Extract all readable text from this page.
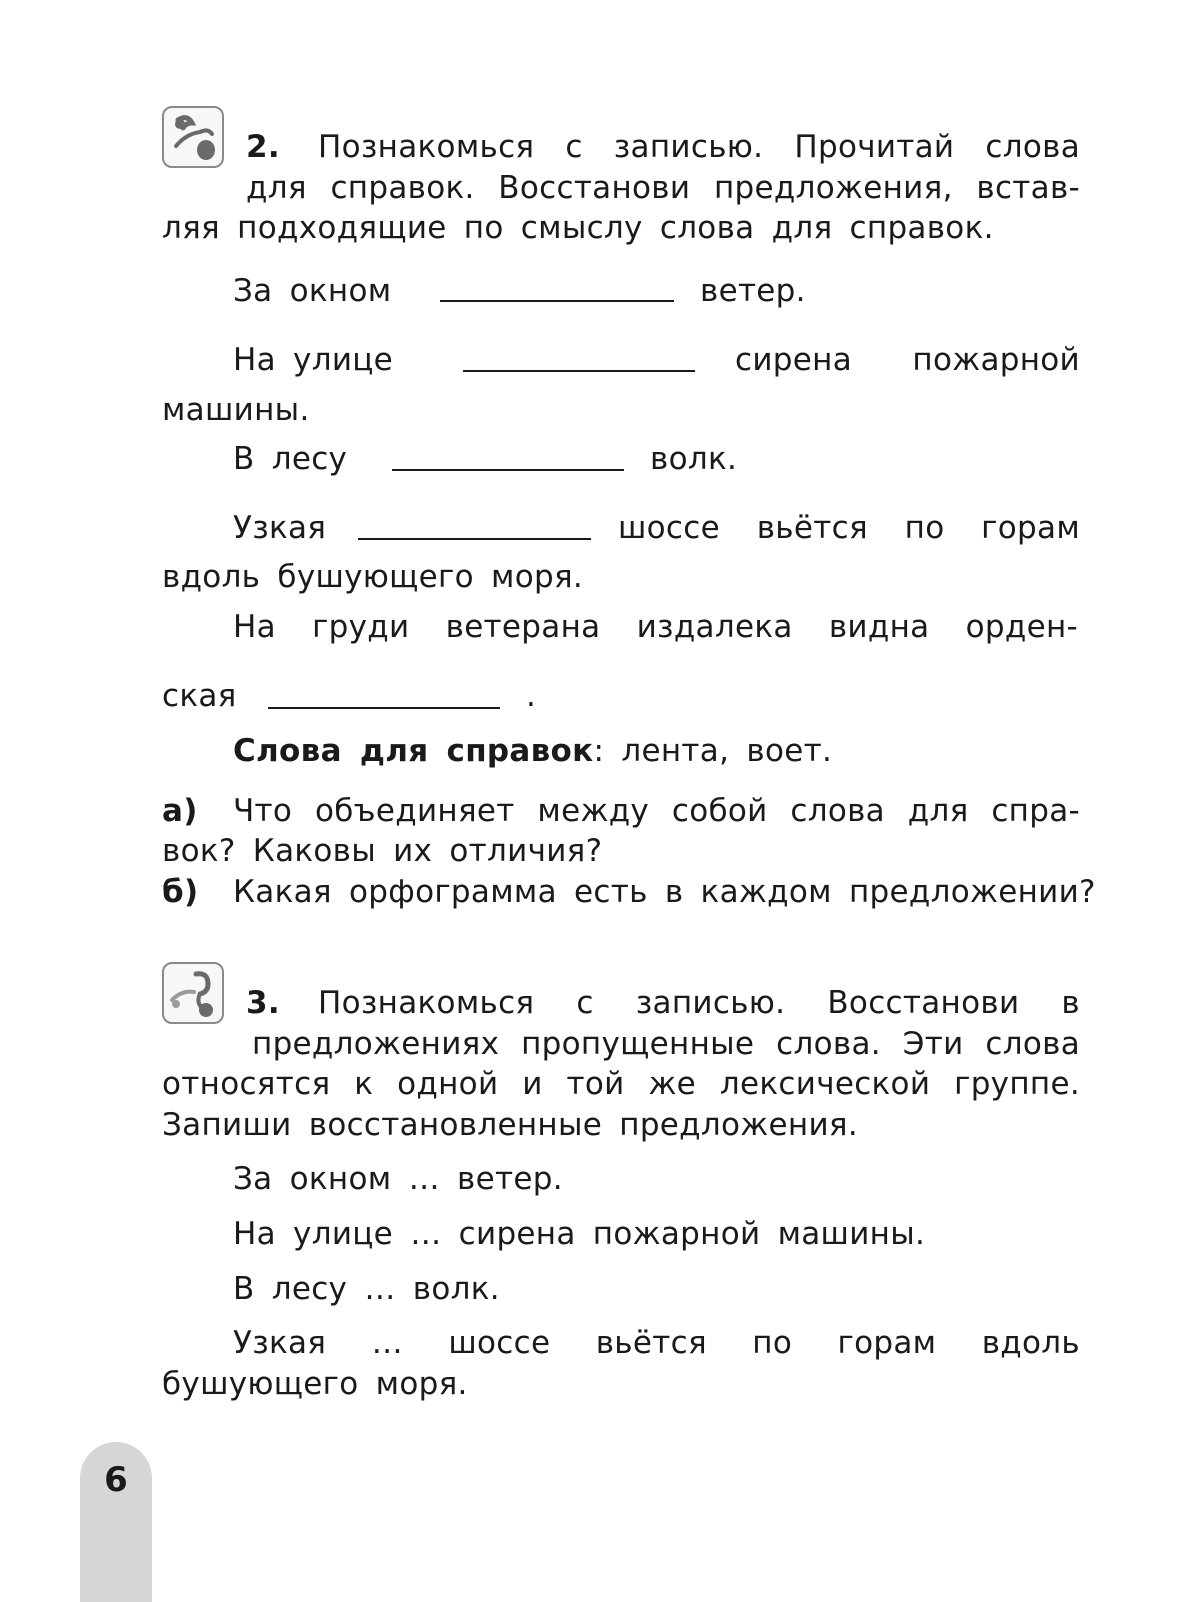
2. Познакомься с записью. Прочитай слова
для справок. Восстанови предложения, встав-
ляя подходящие по смыслу слова для справок.
За окном	ветер.
На улице	сирена пожарной
машины.
В лесу	волк.
Узкая	шоссе вьётся по горам
вдоль бушующего моря.
На груди ветерана издалека видна орден-
ская	.
Слова для справок: лента, воет.
а) Что объединяет между собой слова для спра-
вок? Каковы их отличия?
б) Какая орфограмма есть в каждом предложении?
3. Познакомься с записью. Восстанови в
предложениях пропущенные слова. Эти слова
относятся к одной и той же лексической группе.
Запиши восстановленные предложения.
За окном … ветер.
На улице … сирена пожарной машины.
В лесу … волк.
Узкая … шоссе вьётся по горам вдоль
бушующего моря.
6
